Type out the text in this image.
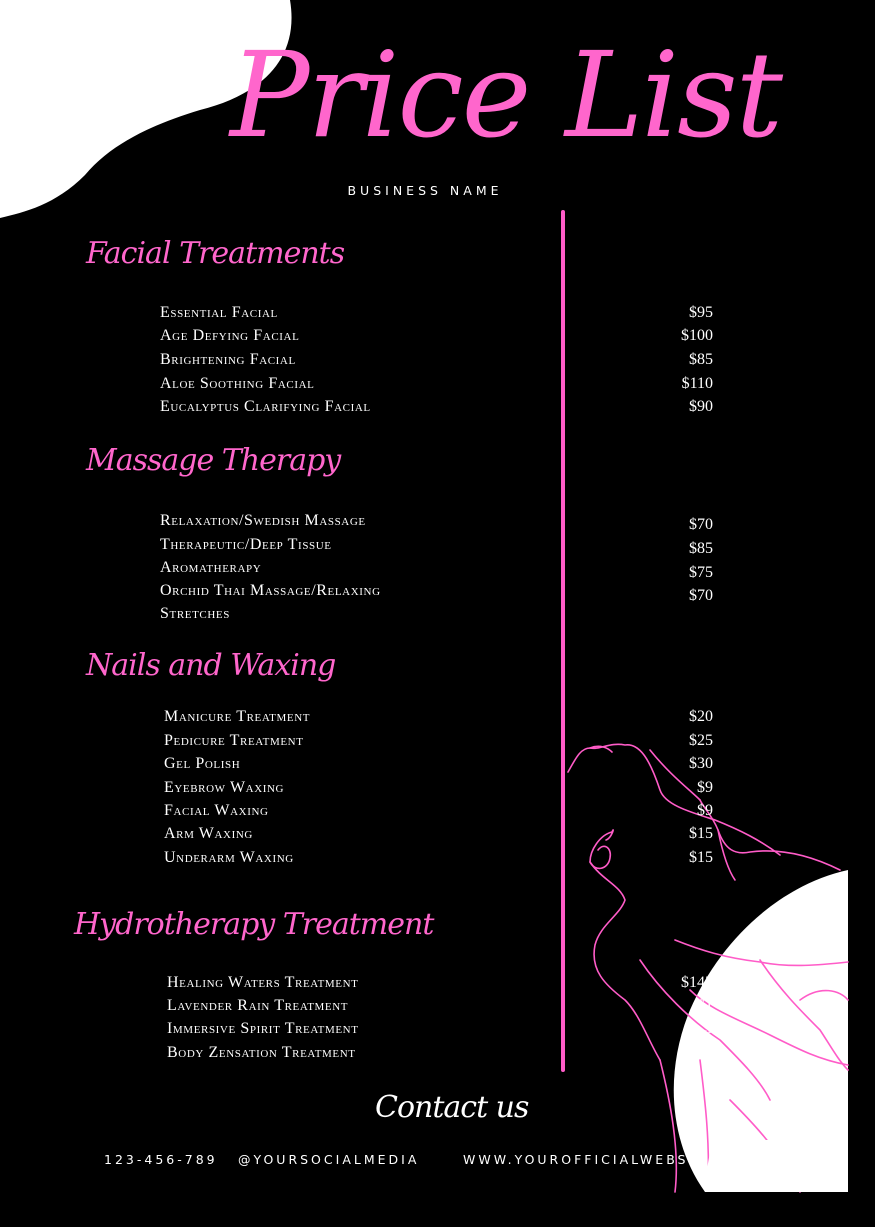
Price List
BUSINESS NAME
Facial Treatments
Essential Facial	$95
Age Defying Facial	$100
Brightening Facial	$85
Aloe Soothing Facial	$110
Eucalyptus Clarifying Facial	$90
Massage Therapy
Relaxation/Swedish Massage	$70
Therapeutic/Deep Tissue	$85
Aromatherapy	$75
Orchid Thai Massage/Relaxing	$70
Stretches
Nails and Waxing
Manicure Treatment	$20
Pedicure Treatment	$25
Gel Polish	$30
Eyebrow Waxing	$9
Facial Waxing	$9
Arm Waxing	$15
Underarm Waxing	$15
Hydrotherapy Treatment
Healing Waters Treatment	$145
Lavender Rain Treatment	$1
Immersive Spirit Treatment	$
Body Zensation Treatment
Contact us
123-456-789 @YOURSOCIALMEDIA	WWW.YOUROFFICIALWEBS
